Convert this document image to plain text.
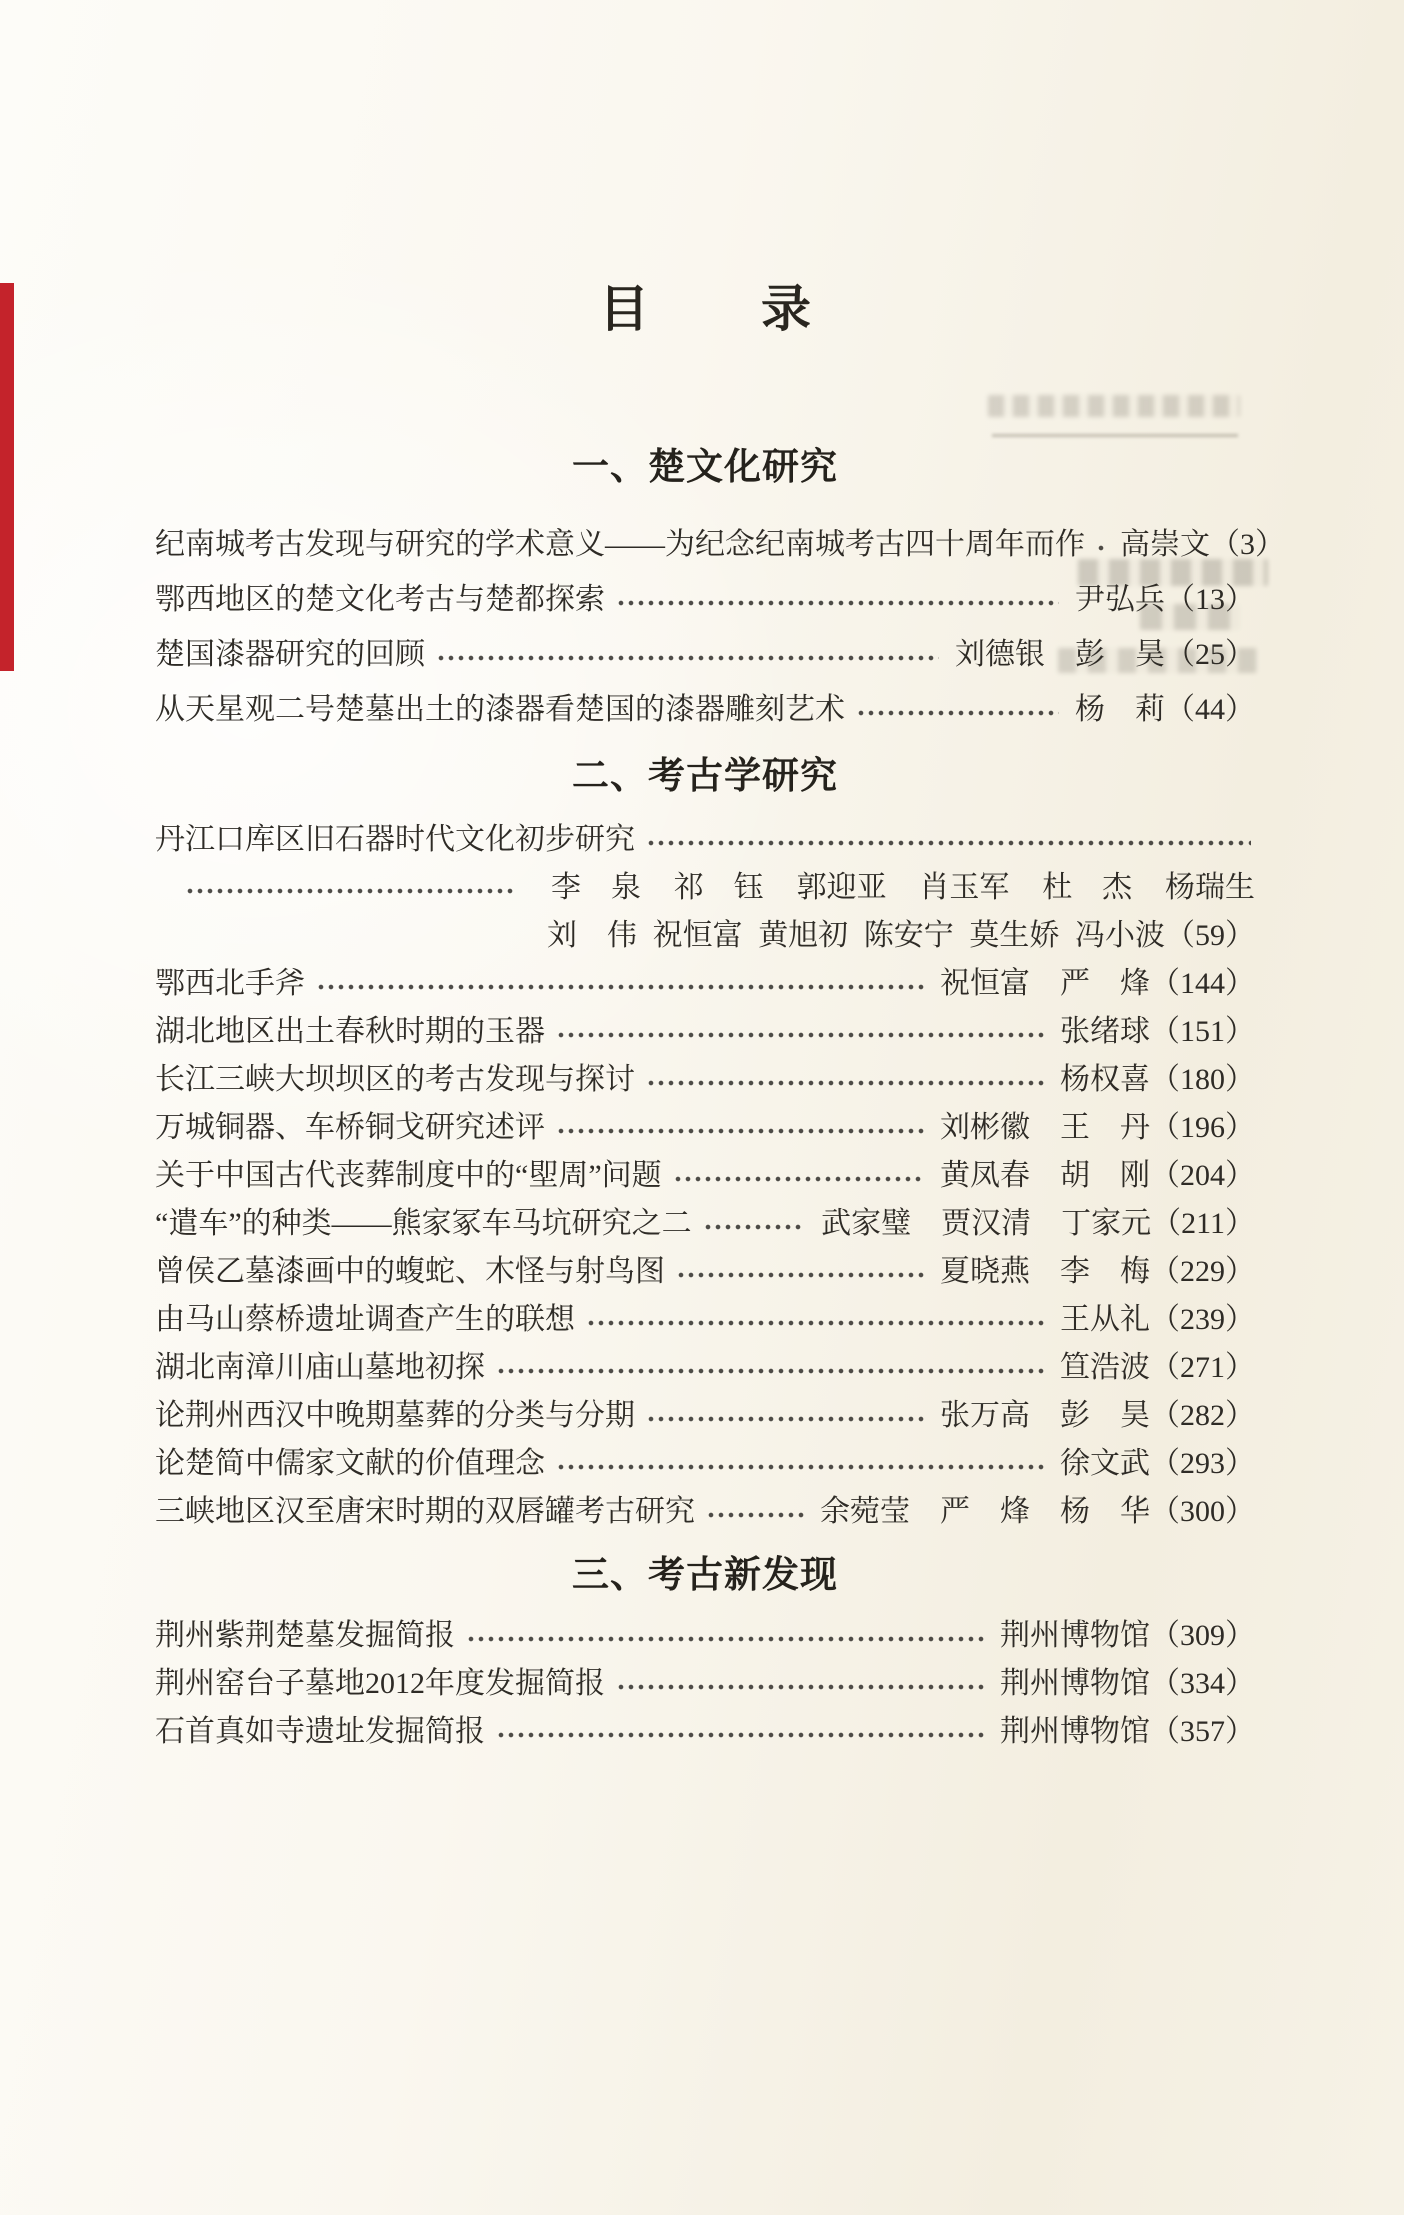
目 录
一、楚文化研究
纪南城考古发现与研究的学术意义——为纪念纪南城考古四十周年而作 高崇文 （3）
鄂西地区的楚文化考古与楚都探索	尹弘兵 （13）
楚国漆器研究的回顾	刘德银　彭　昊 （25）
从天星观二号楚墓出土的漆器看楚国的漆器雕刻艺术	杨　莉 （44）
二、考古学研究
丹江口库区旧石器时代文化初步研究
李　泉 祁　钰 郭迎亚 肖玉军 杜　杰 杨瑞生
刘　伟 祝恒富 黄旭初 陈安宁 莫生娇 冯小波（59）
鄂西北手斧	祝恒富　严　烽 （144）
湖北地区出土春秋时期的玉器	张绪球 （151）
长江三峡大坝坝区的考古发现与探讨	杨权喜 （180）
万城铜器、车桥铜戈研究述评	刘彬徽　王　丹 （196）
关于中国古代丧葬制度中的“堲周”问题	黄凤春　胡　刚 （204）
“遣车”的种类——熊家冢车马坑研究之二	武家璧　贾汉清　丁家元 （211）
曾侯乙墓漆画中的蝮蛇、木怪与射鸟图	夏晓燕　李　梅 （229）
由马山蔡桥遗址调查产生的联想	王从礼 （239）
湖北南漳川庙山墓地初探	笪浩波 （271）
论荆州西汉中晚期墓葬的分类与分期	张万高　彭　昊 （282）
论楚简中儒家文献的价值理念	徐文武 （293）
三峡地区汉至唐宋时期的双唇罐考古研究	余菀莹　严　烽　杨　华 （300）
三、考古新发现
荆州紫荆楚墓发掘简报	荆州博物馆 （309）
荆州窑台子墓地2012年度发掘简报	荆州博物馆 （334）
石首真如寺遗址发掘简报	荆州博物馆 （357）
